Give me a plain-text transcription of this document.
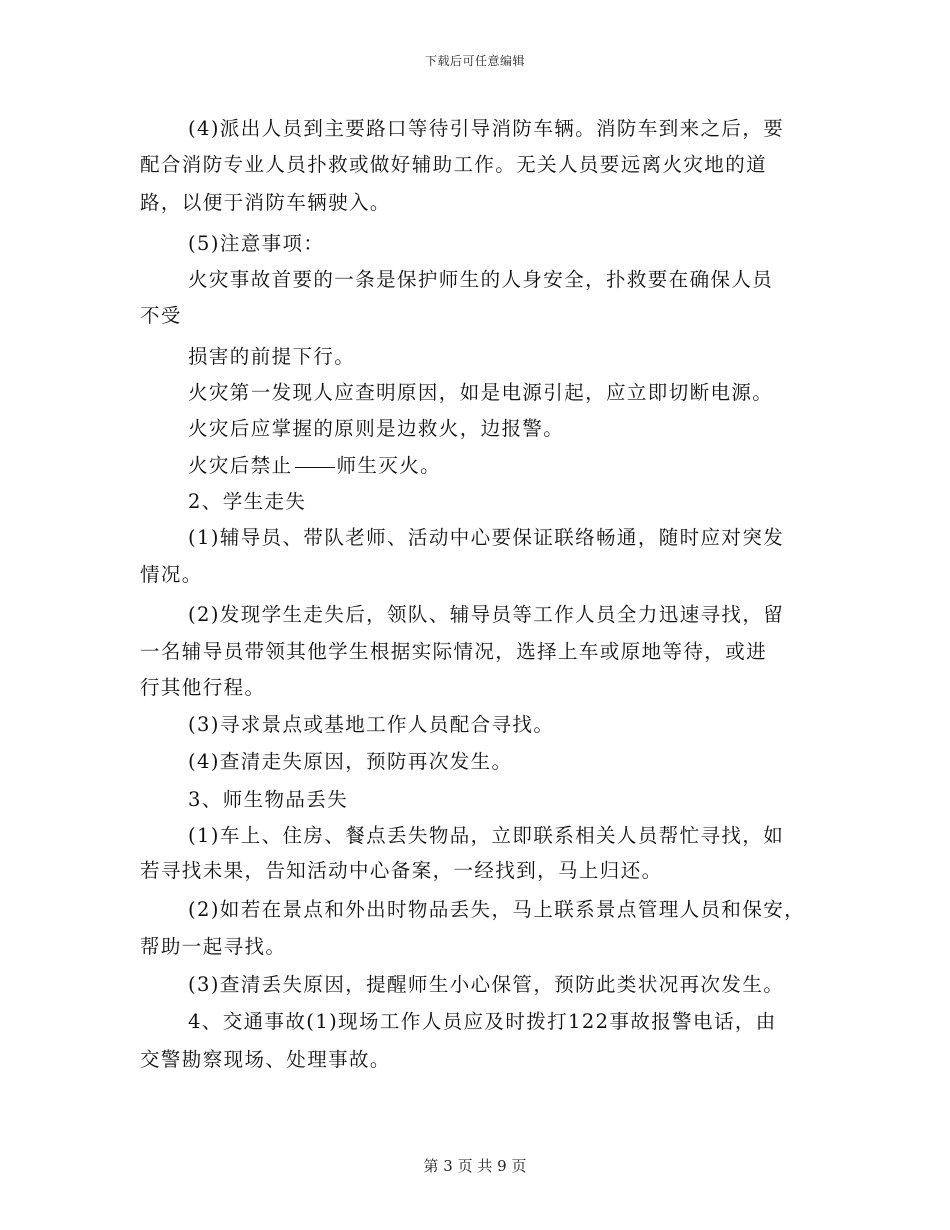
下载后可任意编辑
(4)派出人员到主要路口等待引导消防车辆。消防车到来之后，要
配合消防专业人员扑救或做好辅助工作。无关人员要远离火灾地的道
路，以便于消防车辆驶入。
(5)注意事项：
火灾事故首要的一条是保护师生的人身安全，扑救要在确保人员
不受
损害的前提下行。
火灾第一发现人应查明原因，如是电源引起，应立即切断电源。
火灾后应掌握的原则是边救火，边报警。
火灾后禁止 师生灭火。
2、学生走失
(1)辅导员、带队老师、活动中心要保证联络畅通，随时应对突发
情况。
(2)发现学生走失后，领队、辅导员等工作人员全力迅速寻找，留
一名辅导员带领其他学生根据实际情况，选择上车或原地等待，或进
行其他行程。
(3)寻求景点或基地工作人员配合寻找。
(4)查清走失原因，预防再次发生。
3、师生物品丢失
(1)车上、住房、餐点丢失物品，立即联系相关人员帮忙寻找，如
若寻找未果，告知活动中心备案，一经找到，马上归还。
(2)如若在景点和外出时物品丢失，马上联系景点管理人员和保安，
帮助一起寻找。
(3)查清丢失原因，提醒师生小心保管，预防此类状况再次发生。
4、交通事故(1)现场工作人员应及时拨打122事故报警电话，由
交警勘察现场、处理事故。
第 3 页 共 9 页
